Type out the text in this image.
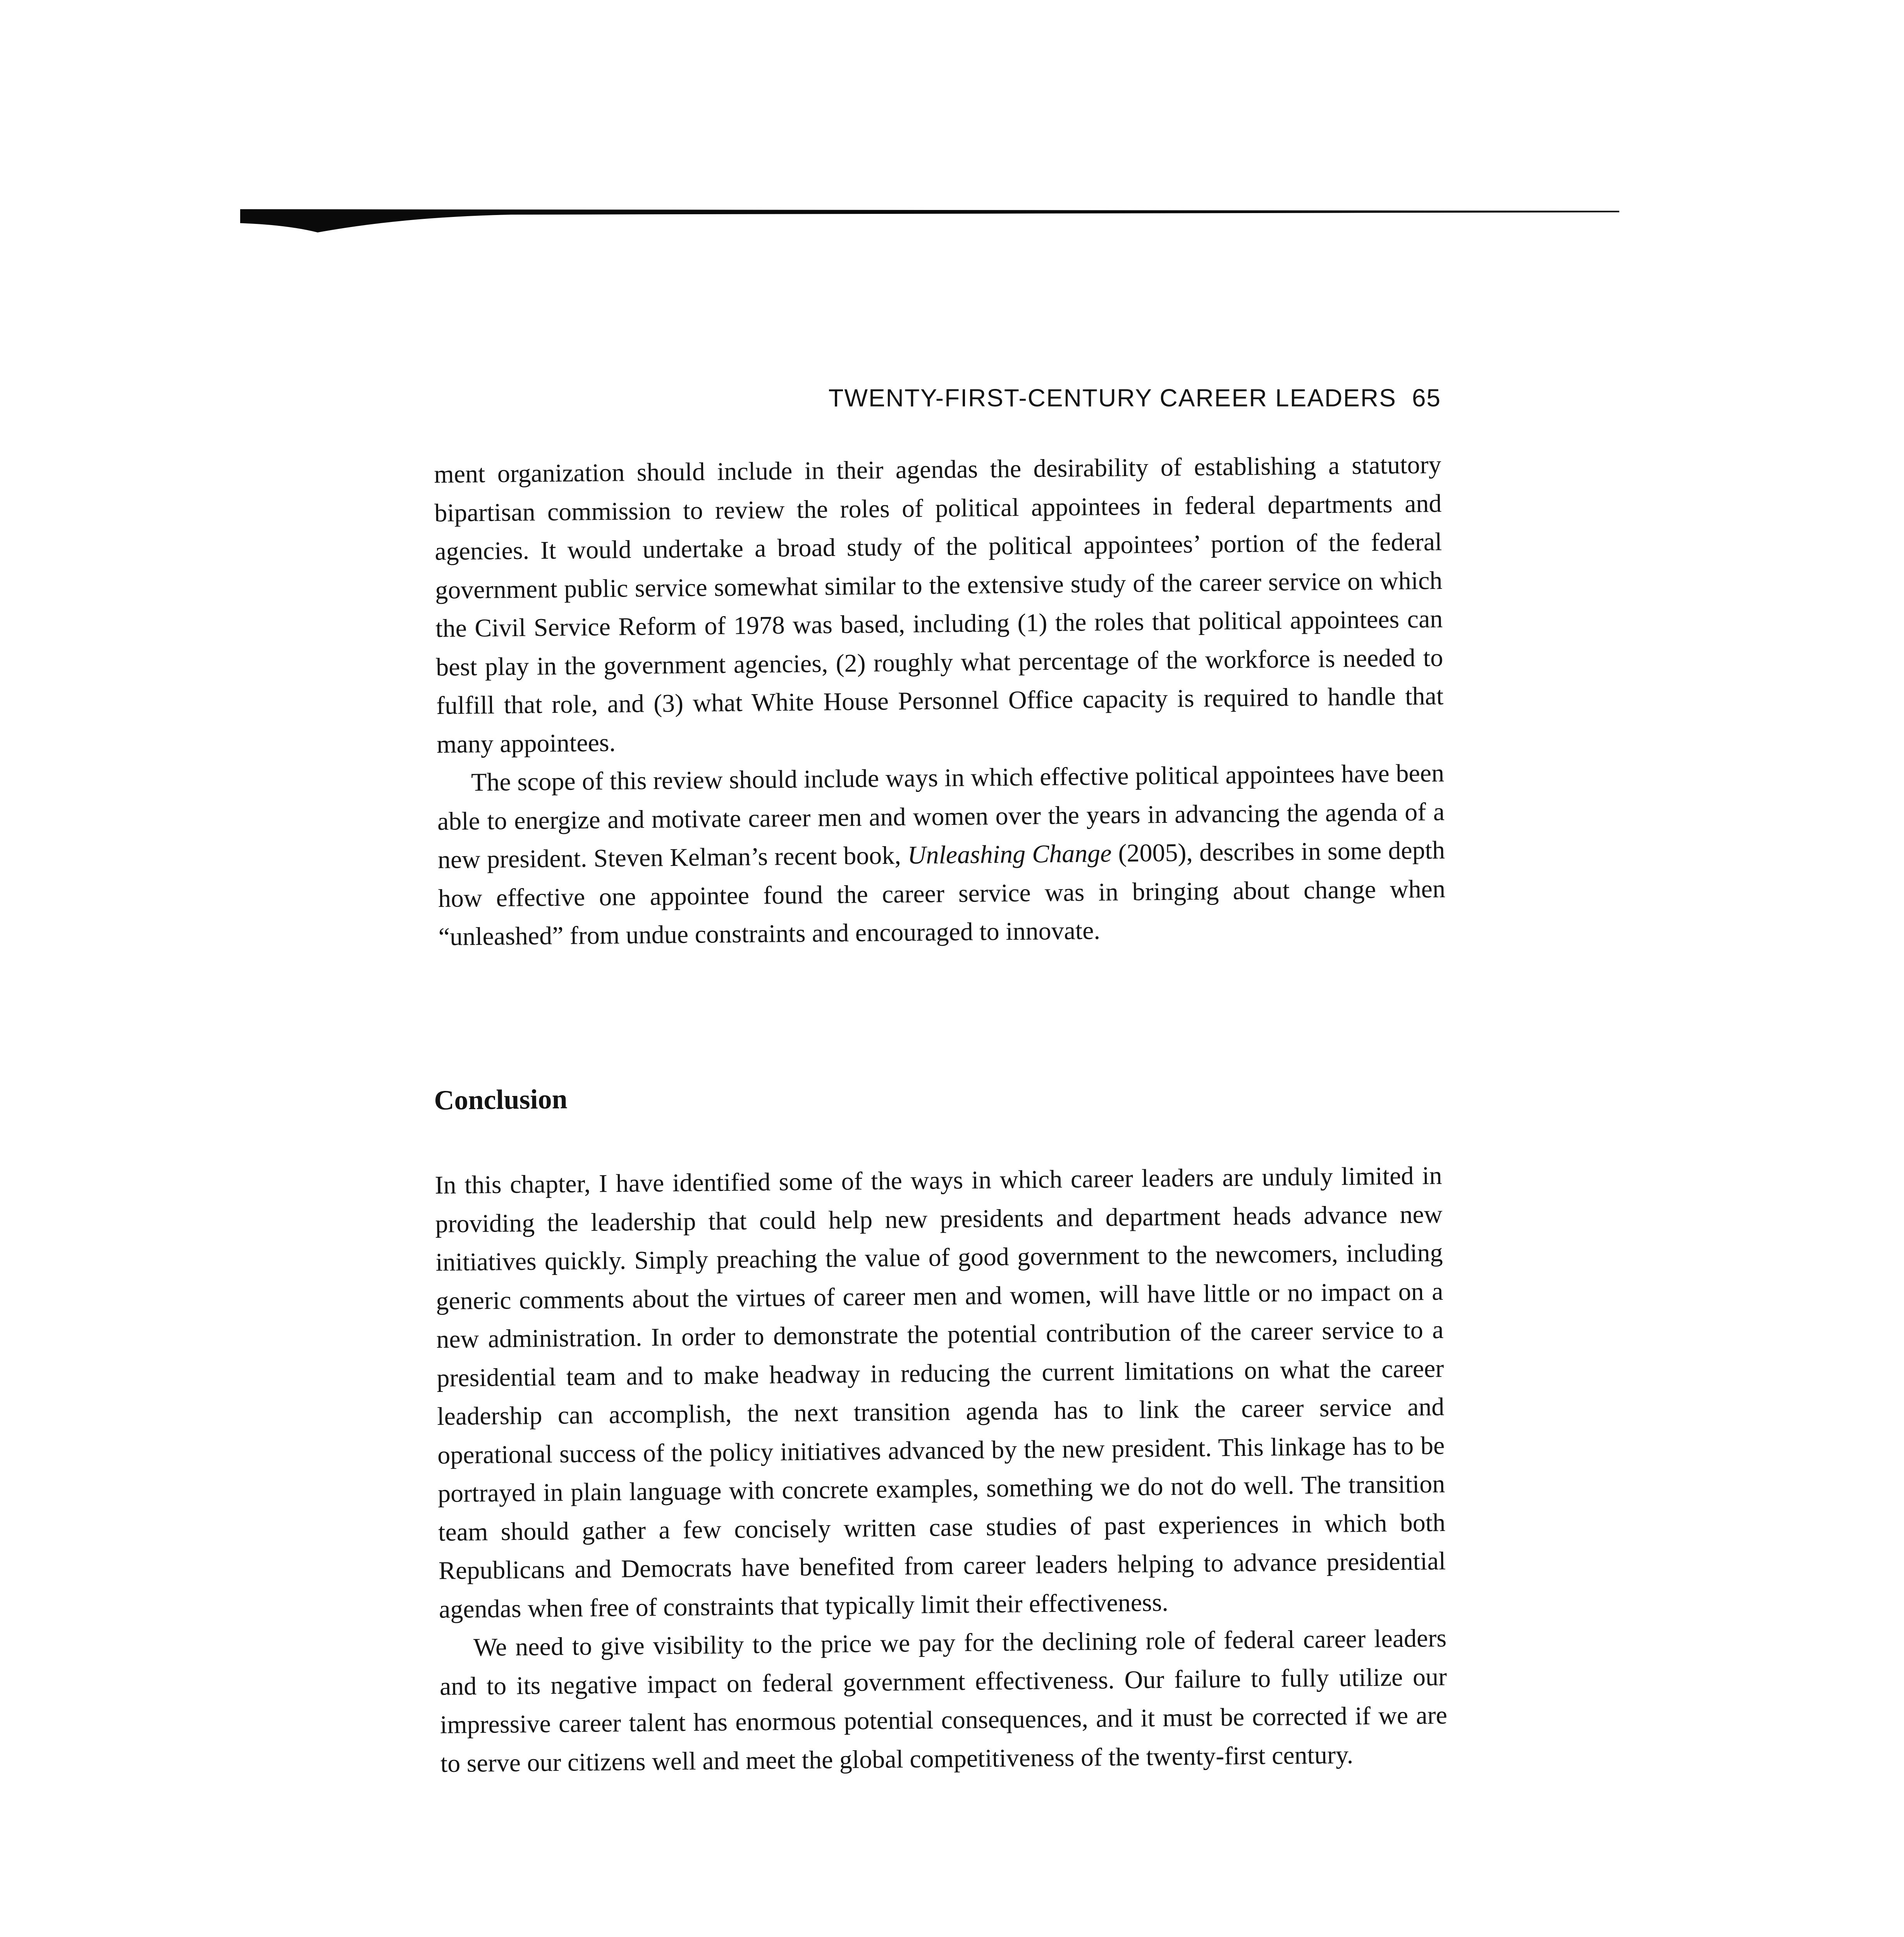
TWENTY-FIRST-CENTURY CAREER LEADERS 65

ment organization should include in their agendas the desirability of establishing a statutory bipartisan commission to review the roles of political appointees in federal departments and agencies. It would undertake a broad study of the political appointees’ portion of the federal government public service somewhat similar to the extensive study of the career service on which the Civil Service Reform of 1978 was based, including (1) the roles that political appointees can best play in the government agencies, (2) roughly what percentage of the workforce is needed to fulfill that role, and (3) what White House Personnel Office capacity is required to handle that many appointees.

The scope of this review should include ways in which effective political appointees have been able to energize and motivate career men and women over the years in advancing the agenda of a new president. Steven Kelman’s recent book, Unleashing Change (2005), describes in some depth how effective one appointee found the career service was in bringing about change when “unleashed” from undue constraints and encouraged to innovate.

Conclusion

In this chapter, I have identified some of the ways in which career leaders are unduly limited in providing the leadership that could help new presidents and department heads advance new initiatives quickly. Simply preaching the value of good government to the newcomers, including generic comments about the virtues of career men and women, will have little or no impact on a new administration. In order to demonstrate the potential contribution of the career service to a presidential team and to make headway in reducing the current limitations on what the career leadership can accomplish, the next transition agenda has to link the career service and operational success of the policy initiatives advanced by the new president. This linkage has to be portrayed in plain language with concrete examples, something we do not do well. The transition team should gather a few concisely written case studies of past experiences in which both Republicans and Democrats have benefited from career leaders helping to advance presidential agendas when free of constraints that typically limit their effectiveness.

We need to give visibility to the price we pay for the declining role of federal career leaders and to its negative impact on federal government effectiveness. Our failure to fully utilize our impressive career talent has enormous potential consequences, and it must be corrected if we are to serve our citizens well and meet the global competitiveness of the twenty-first century.
